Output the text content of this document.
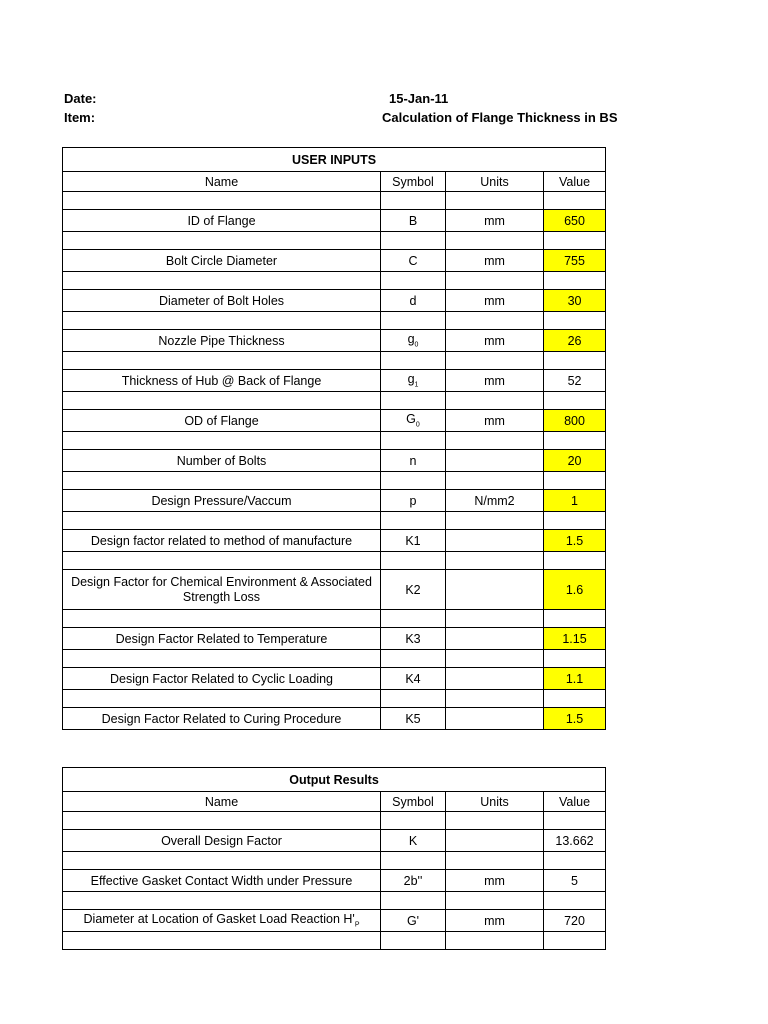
Date:	15-Jan-11
Item:	Calculation of Flange Thickness in BS
USER INPUTS			
Name	Symbol	Units	Value

ID of Flange	B	mm	650

Bolt Circle Diameter	C	mm	755

Diameter of Bolt Holes	d	mm	30

Nozzle Pipe Thickness	$g_0$	mm	26

Thickness of Hub @ Back of Flange	$g_1$	mm	52

OD of Flange	$G_0$	mm	800

Number of Bolts	n		20

Design Pressure/Vaccum	p	N/mm2	1

Design factor related to method of manufacture	K1		1.5

Design Factor for Chemical Environment & Associated Strength Loss	K2		1.6

Design Factor Related to Temperature	K3		1.15

Design Factor Related to Cyclic Loading	K4		1.1

Design Factor Related to Curing Procedure	K5		1.5
Output Results			
Name	Symbol	Units	Value

Overall Design Factor	K		13.662

Effective Gasket Contact Width under Pressure	2b''	mm	5

Diameter at Location of Gasket Load Reaction $H'_P$	G'	mm	720
